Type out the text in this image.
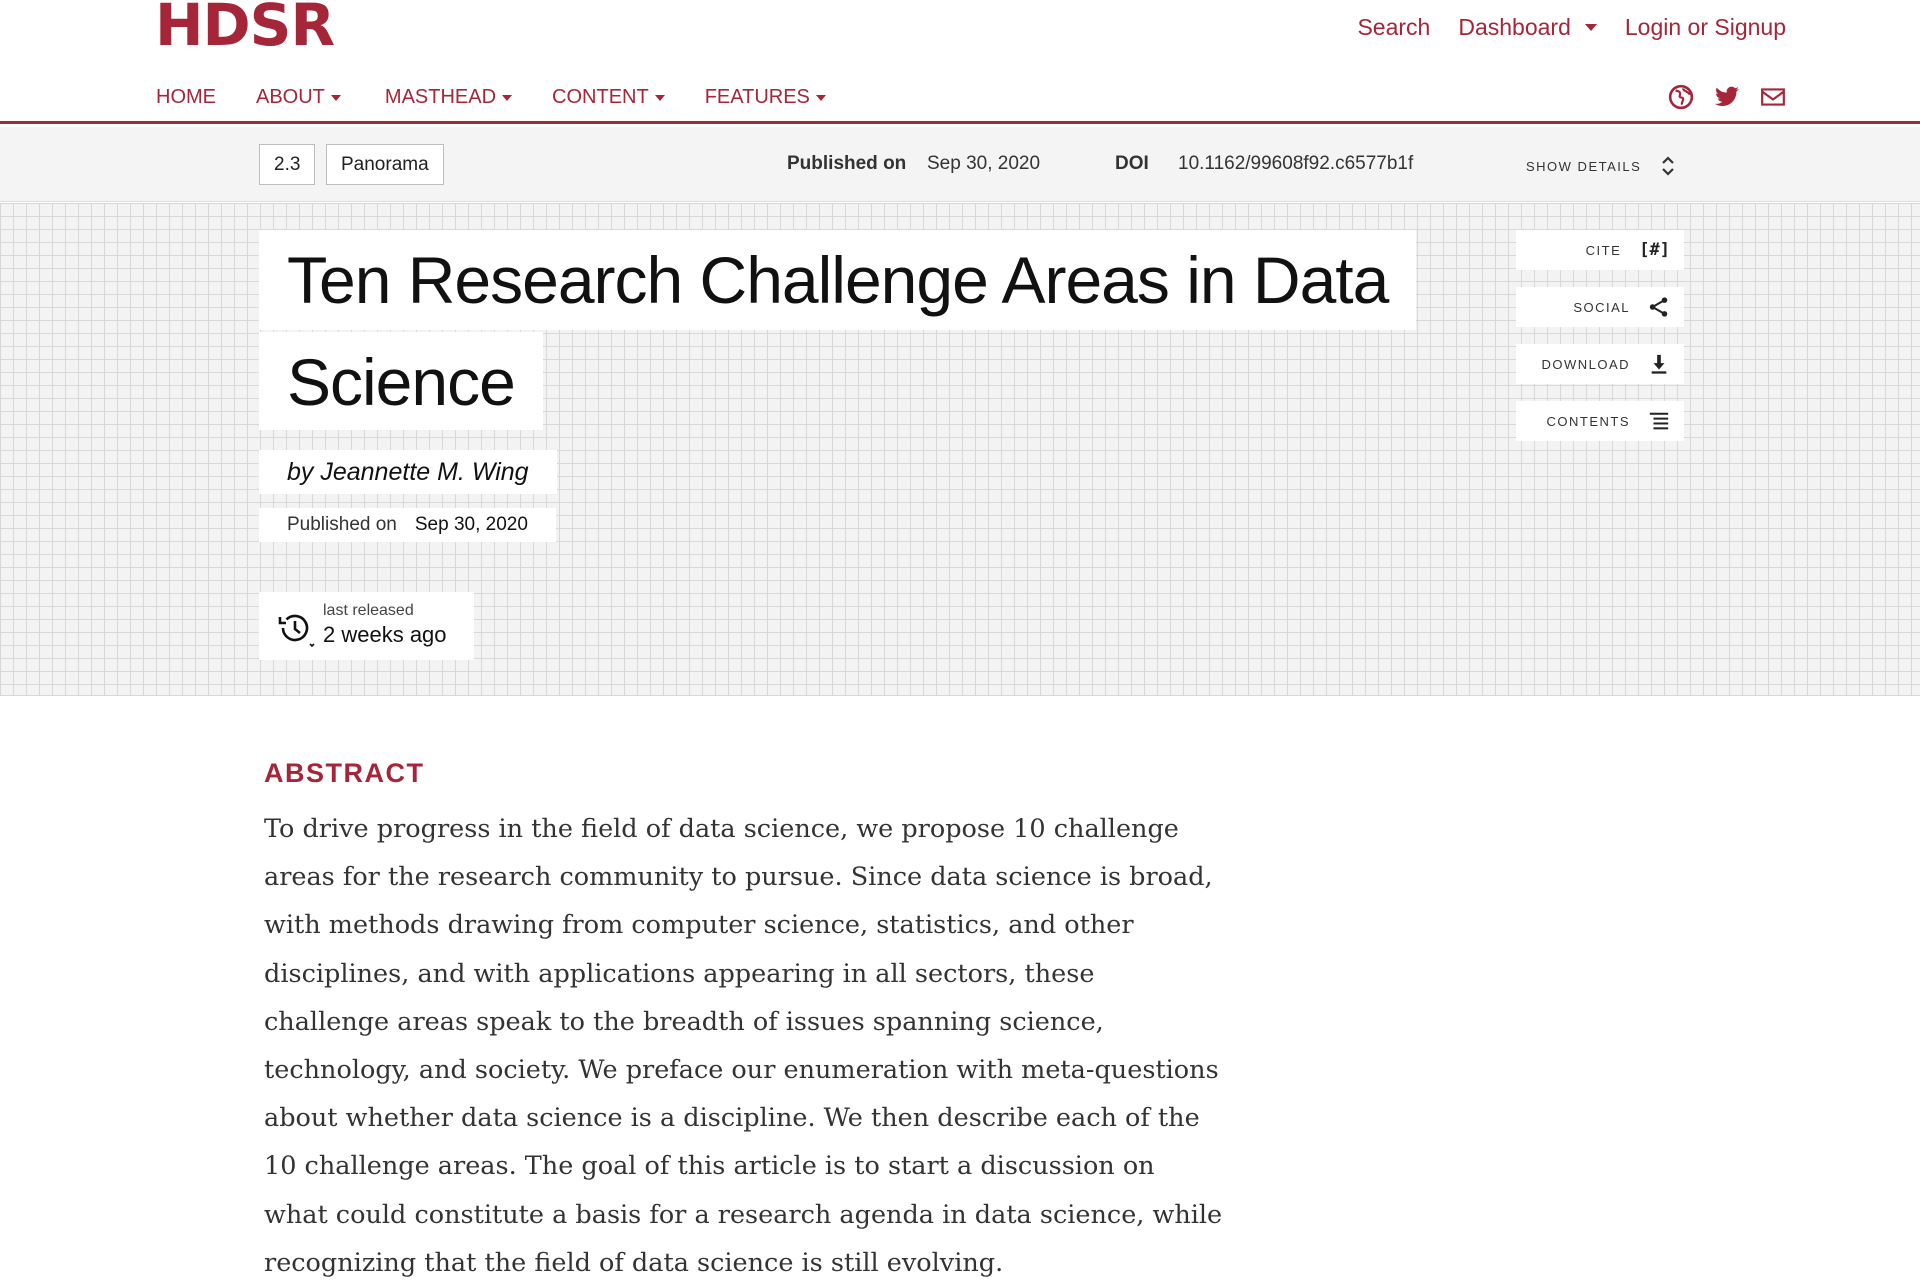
HDSR	Search Dashboard Login or Signup
HOME ABOUT	MASTHEAD	CONTENT	FEATURES
2.3	Panorama	Published on Sep 30, 2020	DOI 10.1162/99608f92.c6577b1f	SHOW DETAILS
Ten Research Challenge Areas in Data
Science
by Jeannette M. Wing
Published on Sep 30, 2020
last released
2 weeks ago
CITE [#]
SOCIAL
DOWNLOAD
CONTENTS
ABSTRACT
To drive progress in the field of data science, we propose 10 challenge areas for the research community to pursue. Since data science is broad, with methods drawing from computer science, statistics, and other disciplines, and with applications appearing in all sectors, these challenge areas speak to the breadth of issues spanning science, technology, and society. We preface our enumeration with meta-questions about whether data science is a discipline. We then describe each of the 10 challenge areas. The goal of this article is to start a discussion on what could constitute a basis for a research agenda in data science, while recognizing that the field of data science is still evolving.
